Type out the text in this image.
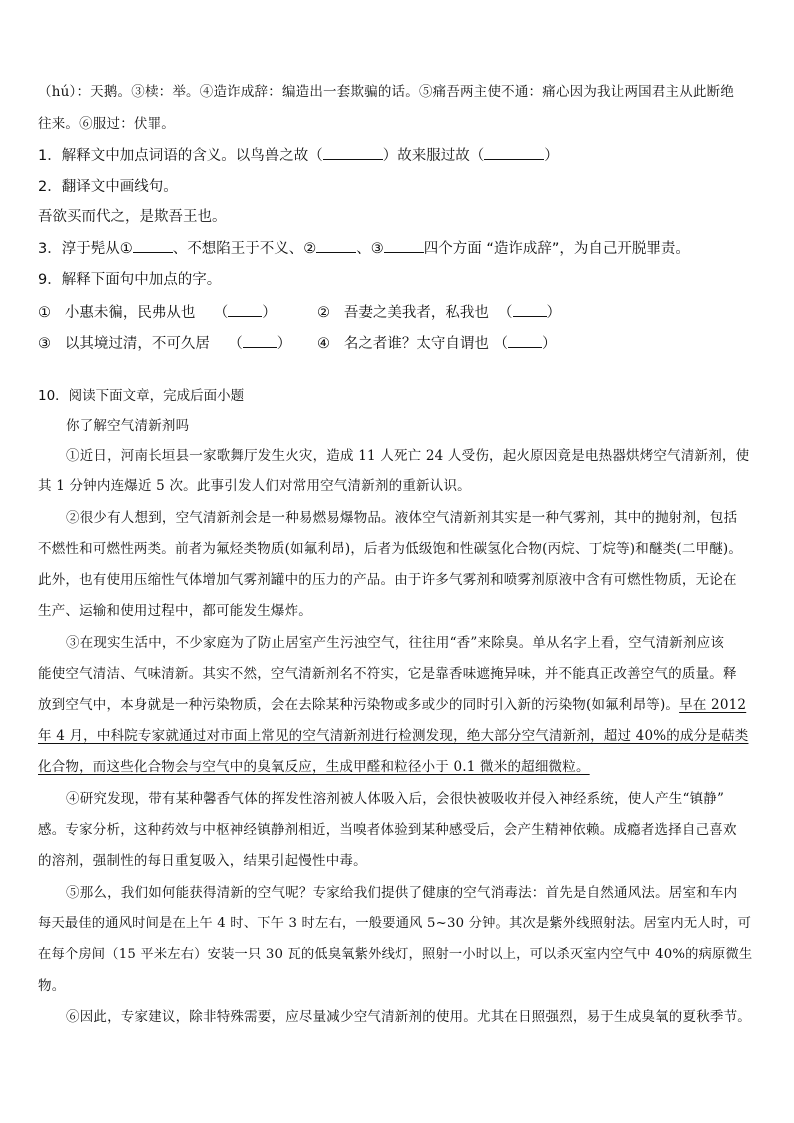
（hú）：天鹅。③椟：举。④造诈成辞：编造出一套欺骗的话。⑤痛吾两主使不通：痛心因为我让两国君主从此断绝
往来。⑥服过：伏罪。
1．解释文中加点词语的含义。以鸟兽之故（	）故来服过故（	）
2．翻译文中画线句。
吾欲买而代之，是欺吾王也。
3．淳于髡从①	、不想陷王于不义、②	、③	四个方面 “造诈成辞”，为自己开脱罪责。
9．解释下面句中加点的字。
① 小惠未徧，民弗从也 （ ）	② 吾妻之美我者，私我也 （ ）
③ 以其境过清，不可久居 （ ） ④ 名之者谁？太守自谓也 （ ）
10．阅读下面文章，完成后面小题
你了解空气清新剂吗
①近日，河南长垣县一家歌舞厅发生火灾，造成 11 人死亡 24 人受伤，起火原因竟是电热器烘烤空气清新剂，使
其 1 分钟内连爆近 5 次。此事引发人们对常用空气清新剂的重新认识。
②很少有人想到，空气清新剂会是一种易燃易爆物品。液体空气清新剂其实是一种气雾剂，其中的抛射剂，包括
不燃性和可燃性两类。前者为氟烃类物质(如氟利昂)，后者为低级饱和性碳氢化合物(丙烷、丁烷等)和醚类(二甲醚)。
此外，也有使用压缩性气体增加气雾剂罐中的压力的产品。由于许多气雾剂和喷雾剂原液中含有可燃性物质，无论在
生产、运输和使用过程中，都可能发生爆炸。
③在现实生活中，不少家庭为了防止居室产生污浊空气，往往用“香”来除臭。单从名字上看，空气清新剂应该
能使空气清洁、气味清新。其实不然，空气清新剂名不符实，它是靠香味遮掩异味，并不能真正改善空气的质量。释
放到空气中，本身就是一种污染物质，会在去除某种污染物或多或少的同时引入新的污染物(如氟利昂等)。早在 2012
年 4 月，中科院专家就通过对市面上常见的空气清新剂进行检测发现，绝大部分空气清新剂，超过 40%的成分是萜类
化合物，而这些化合物会与空气中的臭氧反应，生成甲醛和粒径小于 0.1 微米的超细微粒。
④研究发现，带有某种馨香气体的挥发性溶剂被人体吸入后，会很快被吸收并侵入神经系统，使人产生“镇静”
感。专家分析，这种药效与中枢神经镇静剂相近，当嗅者体验到某种感受后，会产生精神依赖。成瘾者选择自己喜欢
的溶剂，强制性的每日重复吸入，结果引起慢性中毒。
⑤那么，我们如何能获得清新的空气呢？专家给我们提供了健康的空气消毒法：首先是自然通风法。居室和车内
每天最佳的通风时间是在上午 4 时、下午 3 时左右，一般要通风 5~30 分钟。其次是紫外线照射法。居室内无人时，可
在每个房间（15 平米左右）安装一只 30 瓦的低臭氧紫外线灯，照射一小时以上，可以杀灭室内空气中 40%的病原微生
物。
⑥因此，专家建议，除非特殊需要，应尽量减少空气清新剂的使用。尤其在日照强烈，易于生成臭氧的夏秋季节。
